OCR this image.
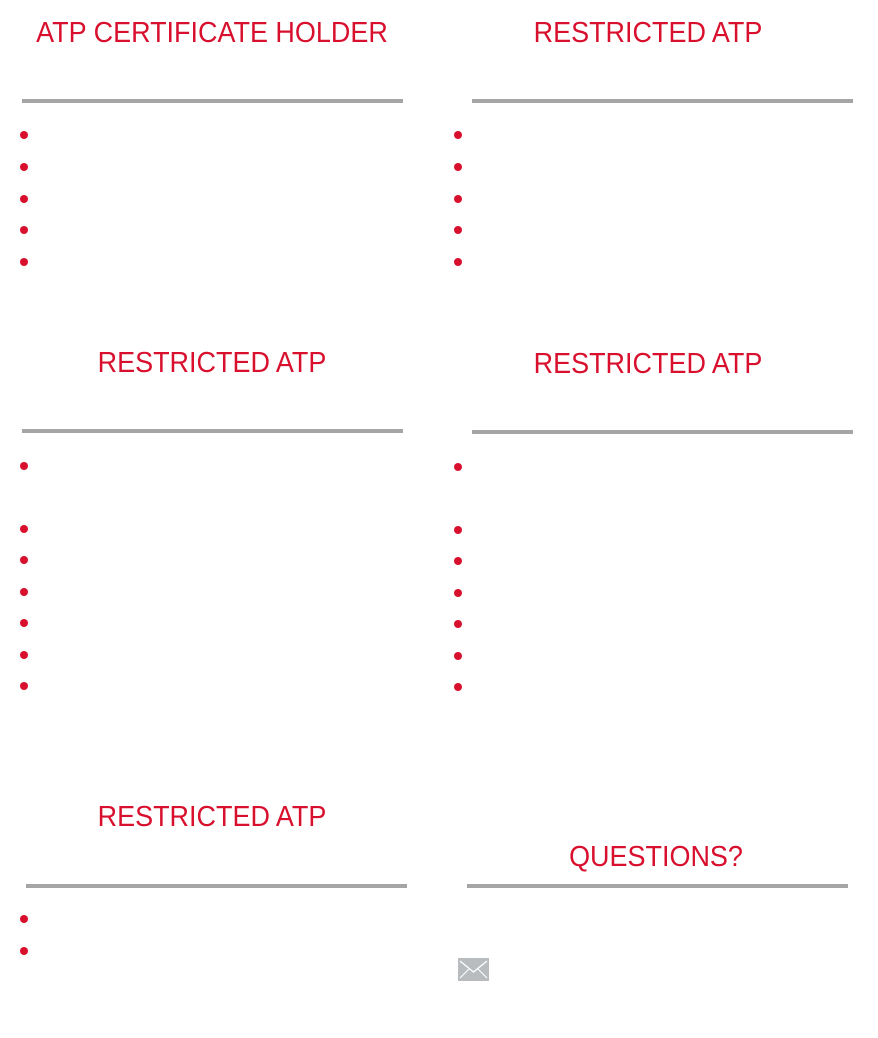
ATP CERTIFICATE HOLDER	RESTRICTED ATP
RESTRICTED ATP	RESTRICTED ATP
RESTRICTED ATP
QUESTIONS?
